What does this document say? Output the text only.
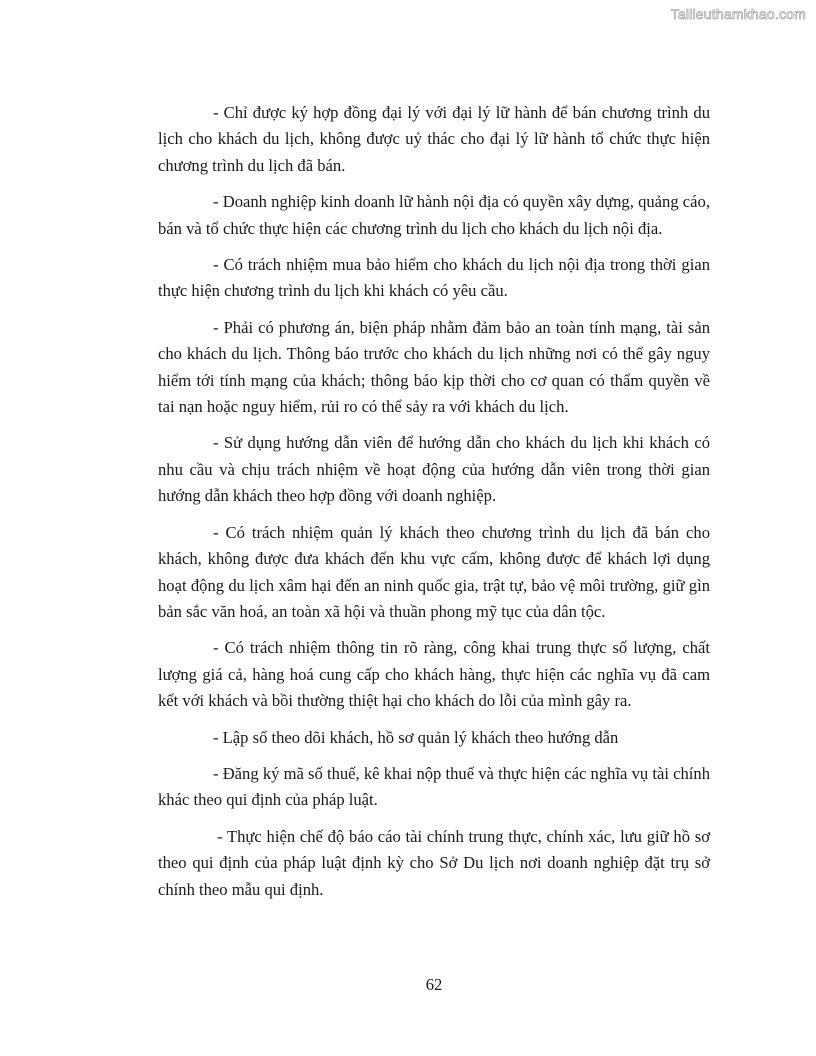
Tailieuthamkhao.com

- Chỉ được ký hợp đồng đại lý với đại lý lữ hành để bán chương trình du lịch cho khách du lịch, không được uỷ thác cho đại lý lữ hành tổ chức thực hiện chương trình du lịch đã bán.

- Doanh nghiệp kinh doanh lữ hành nội địa có quyền xây dựng, quảng cáo, bán và tổ chức thực hiện các chương trình du lịch cho khách du lịch nội địa.

- Có trách nhiệm mua bảo hiểm cho khách du lịch nội địa trong thời gian thực hiện chương trình du lịch khi khách có yêu cầu.

- Phải có phương án, biện pháp nhằm đảm bảo an toàn tính mạng, tài sản cho khách du lịch. Thông báo trước cho khách du lịch những nơi có thể gây nguy hiểm tới tính mạng của khách; thông báo kịp thời cho cơ quan có thẩm quyền về tai nạn hoặc nguy hiểm, rủi ro có thể sảy ra với khách du lịch.

- Sử dụng hướng dẫn viên để hướng dẫn cho khách du lịch khi khách có nhu cầu và chịu trách nhiệm về hoạt động của hướng dẫn viên trong thời gian hướng dẫn khách theo hợp đồng với doanh nghiệp.

- Có trách nhiệm quản lý khách theo chương trình du lịch đã bán cho khách, không được đưa khách đến khu vực cấm, không được để khách lợi dụng hoạt động du lịch xâm hại đến an ninh quốc gia, trật tự, bảo vệ môi trường, giữ gìn bản sắc văn hoá, an toàn xã hội và thuần phong mỹ tục của dân tộc.

- Có trách nhiệm thông tin rõ ràng, công khai trung thực số lượng, chất lượng giá cả, hàng hoá cung cấp cho khách hàng, thực hiện các nghĩa vụ đã cam kết với khách và bồi thường thiệt hại cho khách do lỗi của mình gây ra.

- Lập sổ theo dõi khách, hồ sơ quản lý khách theo hướng dẫn

- Đăng ký mã số thuế, kê khai nộp thuế và thực hiện các nghĩa vụ tài chính khác theo qui định của pháp luật.

- Thực hiện chế độ báo cáo tài chính trung thực, chính xác, lưu giữ hồ sơ theo qui định của pháp luật định kỳ cho Sở Du lịch nơi doanh nghiệp đặt trụ sở chính theo mẫu qui định.

62
